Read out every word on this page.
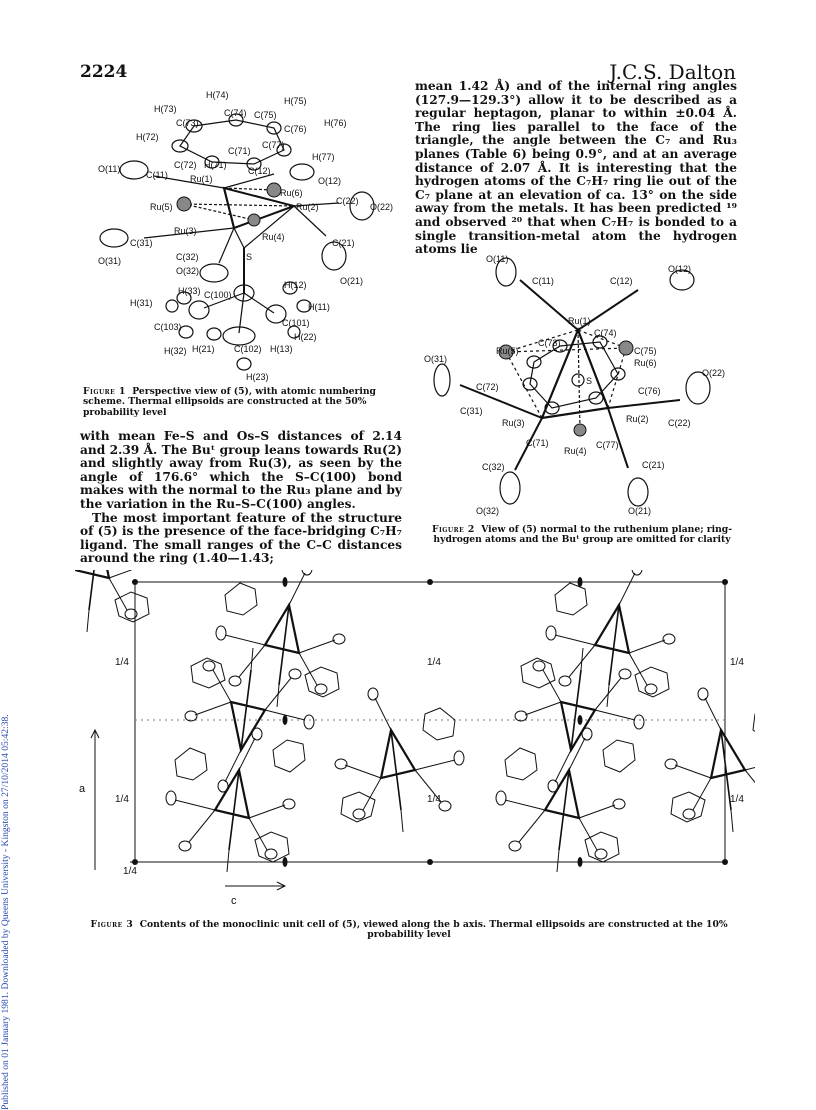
2224	J.C.S. Dalton
Published on 01 January 1981. Downloaded by Queens University - Kingston on 27/10/2014 05:42:38.
H(74)
H(75)
H(73)	C(74) C(75)
C(73)
C(76)
H(76)
H(72)
C(71)
C(77)
H(77)
O(11)	C(72) H(71)
C(12)
C(11) Ru(1)	O(12)
Ru(6)
Ru(5)	Ru(2)
C(22)
O(22)
Ru(3)
Ru(4)
C(31)	C(21)
O(31)	C(32)	S
O(32)
O(21)
H(33) C(100)
H(12)
H(31)	H(11)
C(101)
C(103)
H(22)
H(32) H(21) C(102) H(13)
H(23)
Figure 1 Perspective view of (5), with atomic numbering scheme. Thermal ellipsoids are constructed at the 50% probability level

with mean Fe–S and Os–S distances of 2.14 and 2.39 Å. The Buᵗ group leans towards Ru(2) and slightly away from Ru(3), as seen by the angle of 176.6° which the S–C(100) bond makes with the normal to the Ru₃ plane and by the variation in the Ru–S–C(100) angles.

The most important feature of the structure of (5) is the presence of the face-bridging C₇H₇ ligand. The small ranges of the C–C distances around the ring (1.40—1.43;

mean 1.42 Å) and of the internal ring angles (127.9—129.3°) allow it to be described as a regular heptagon, planar to within ±0.04 Å. The ring lies parallel to the face of the triangle, the angle between the C₇ and Ru₃ planes (Table 6) being 0.9°, and at an average distance of 2.07 Å. It is interesting that the hydrogen atoms of the C₇H₇ ring lie out of the C₇ plane at an elevation of ca. 13° on the side away from the metals. It has been predicted ¹⁹ and observed ²⁰ that when C₇H₇ is bonded to a single transition-metal atom the hydrogen atoms lie
O(11)
O(12)
C(11)	C(12)
Ru(1)
C(74)
C(73)
Ru(5)	C(75)
Ru(6)
O(31)
O(22)
C(72)
S
C(76)
C(31)
Ru(3)	Ru(2) C(22)
C(71)
Ru(4)
C(77)
C(32)	C(21)
O(32)	O(21)
Figure 2 View of (5) normal to the ruthenium plane; ring-hydrogen atoms and the Buᵗ group are omitted for clarity
1/4	1/4	1/4
1/4	1/4	1/4
1/4
a
c
Figure 3 Contents of the monoclinic unit cell of (5), viewed along the b axis. Thermal ellipsoids are constructed at the 10% probability level
